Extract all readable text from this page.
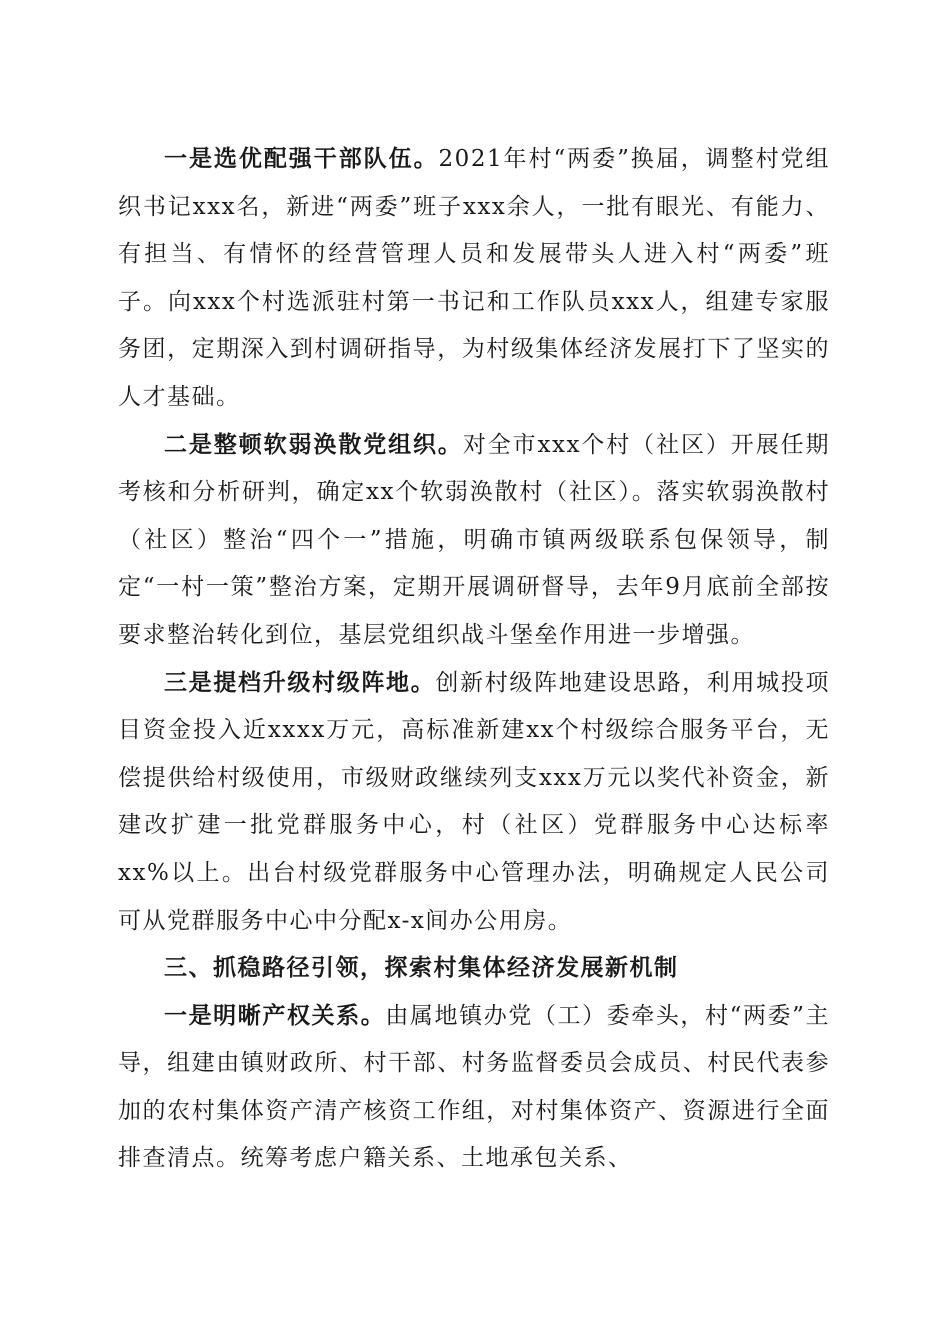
一是选优配强干部队伍。2021年村“两委”换届，调整村党组织书记xxx名，新进“两委”班子xxx余人，一批有眼光、有能力、有担当、有情怀的经营管理人员和发展带头人进入村“两委”班子。向xxx个村选派驻村第一书记和工作队员xxx人，组建专家服务团，定期深入到村调研指导，为村级集体经济发展打下了坚实的人才基础。

二是整顿软弱涣散党组织。对全市xxx个村（社区）开展任期考核和分析研判，确定xx个软弱涣散村（社区）。落实软弱涣散村（社区）整治“四个一”措施，明确市镇两级联系包保领导，制定“一村一策”整治方案，定期开展调研督导，去年9月底前全部按要求整治转化到位，基层党组织战斗堡垒作用进一步增强。

三是提档升级村级阵地。创新村级阵地建设思路，利用城投项目资金投入近xxxx万元，高标准新建xx个村级综合服务平台，无偿提供给村级使用，市级财政继续列支xxx万元以奖代补资金，新建改扩建一批党群服务中心，村（社区）党群服务中心达标率xx%以上。出台村级党群服务中心管理办法，明确规定人民公司可从党群服务中心中分配x-x间办公用房。

三、抓稳路径引领，探索村集体经济发展新机制

一是明晰产权关系。由属地镇办党（工）委牵头，村“两委”主导，组建由镇财政所、村干部、村务监督委员会成员、村民代表参加的农村集体资产清产核资工作组，对村集体资产、资源进行全面排查清点。统筹考虑户籍关系、土地承包关系、
